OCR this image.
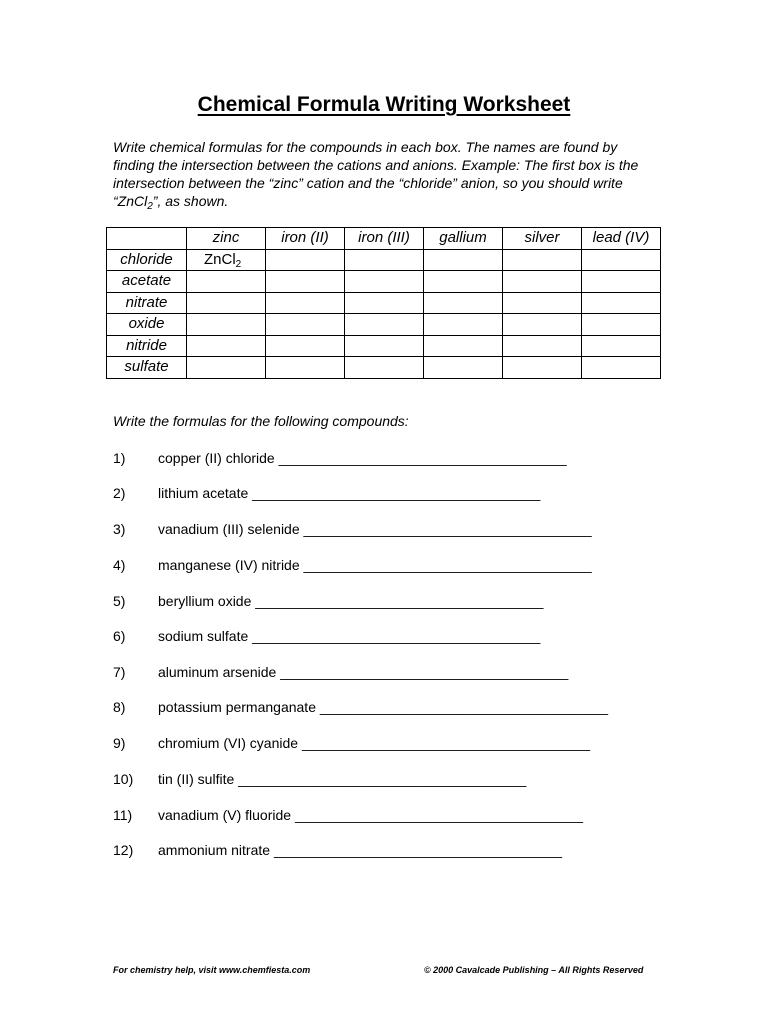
Chemical Formula Writing Worksheet
Write chemical formulas for the compounds in each box. The names are found by finding the intersection between the cations and anions. Example: The first box is the intersection between the “zinc” cation and the “chloride” anion, so you should write “ZnCl$_2$”, as shown.
	zinc	iron (II)	iron (III)	gallium	silver	lead (IV)
chloride	ZnCl$_2$					
acetate						
nitrate						
oxide						
nitride						
sulfate						
Write the formulas for the following compounds:
1) copper (II) chloride _____________________________________
2) lithium acetate _____________________________________
3) vanadium (III) selenide _____________________________________
4) manganese (IV) nitride _____________________________________
5) beryllium oxide _____________________________________
6) sodium sulfate _____________________________________
7) aluminum arsenide _____________________________________
8) potassium permanganate _____________________________________
9) chromium (VI) cyanide _____________________________________
10) tin (II) sulfite _____________________________________
11) vanadium (V) fluoride _____________________________________
12) ammonium nitrate _____________________________________
For chemistry help, visit www.chemfiesta.com	© 2000 Cavalcade Publishing – All Rights Reserved
